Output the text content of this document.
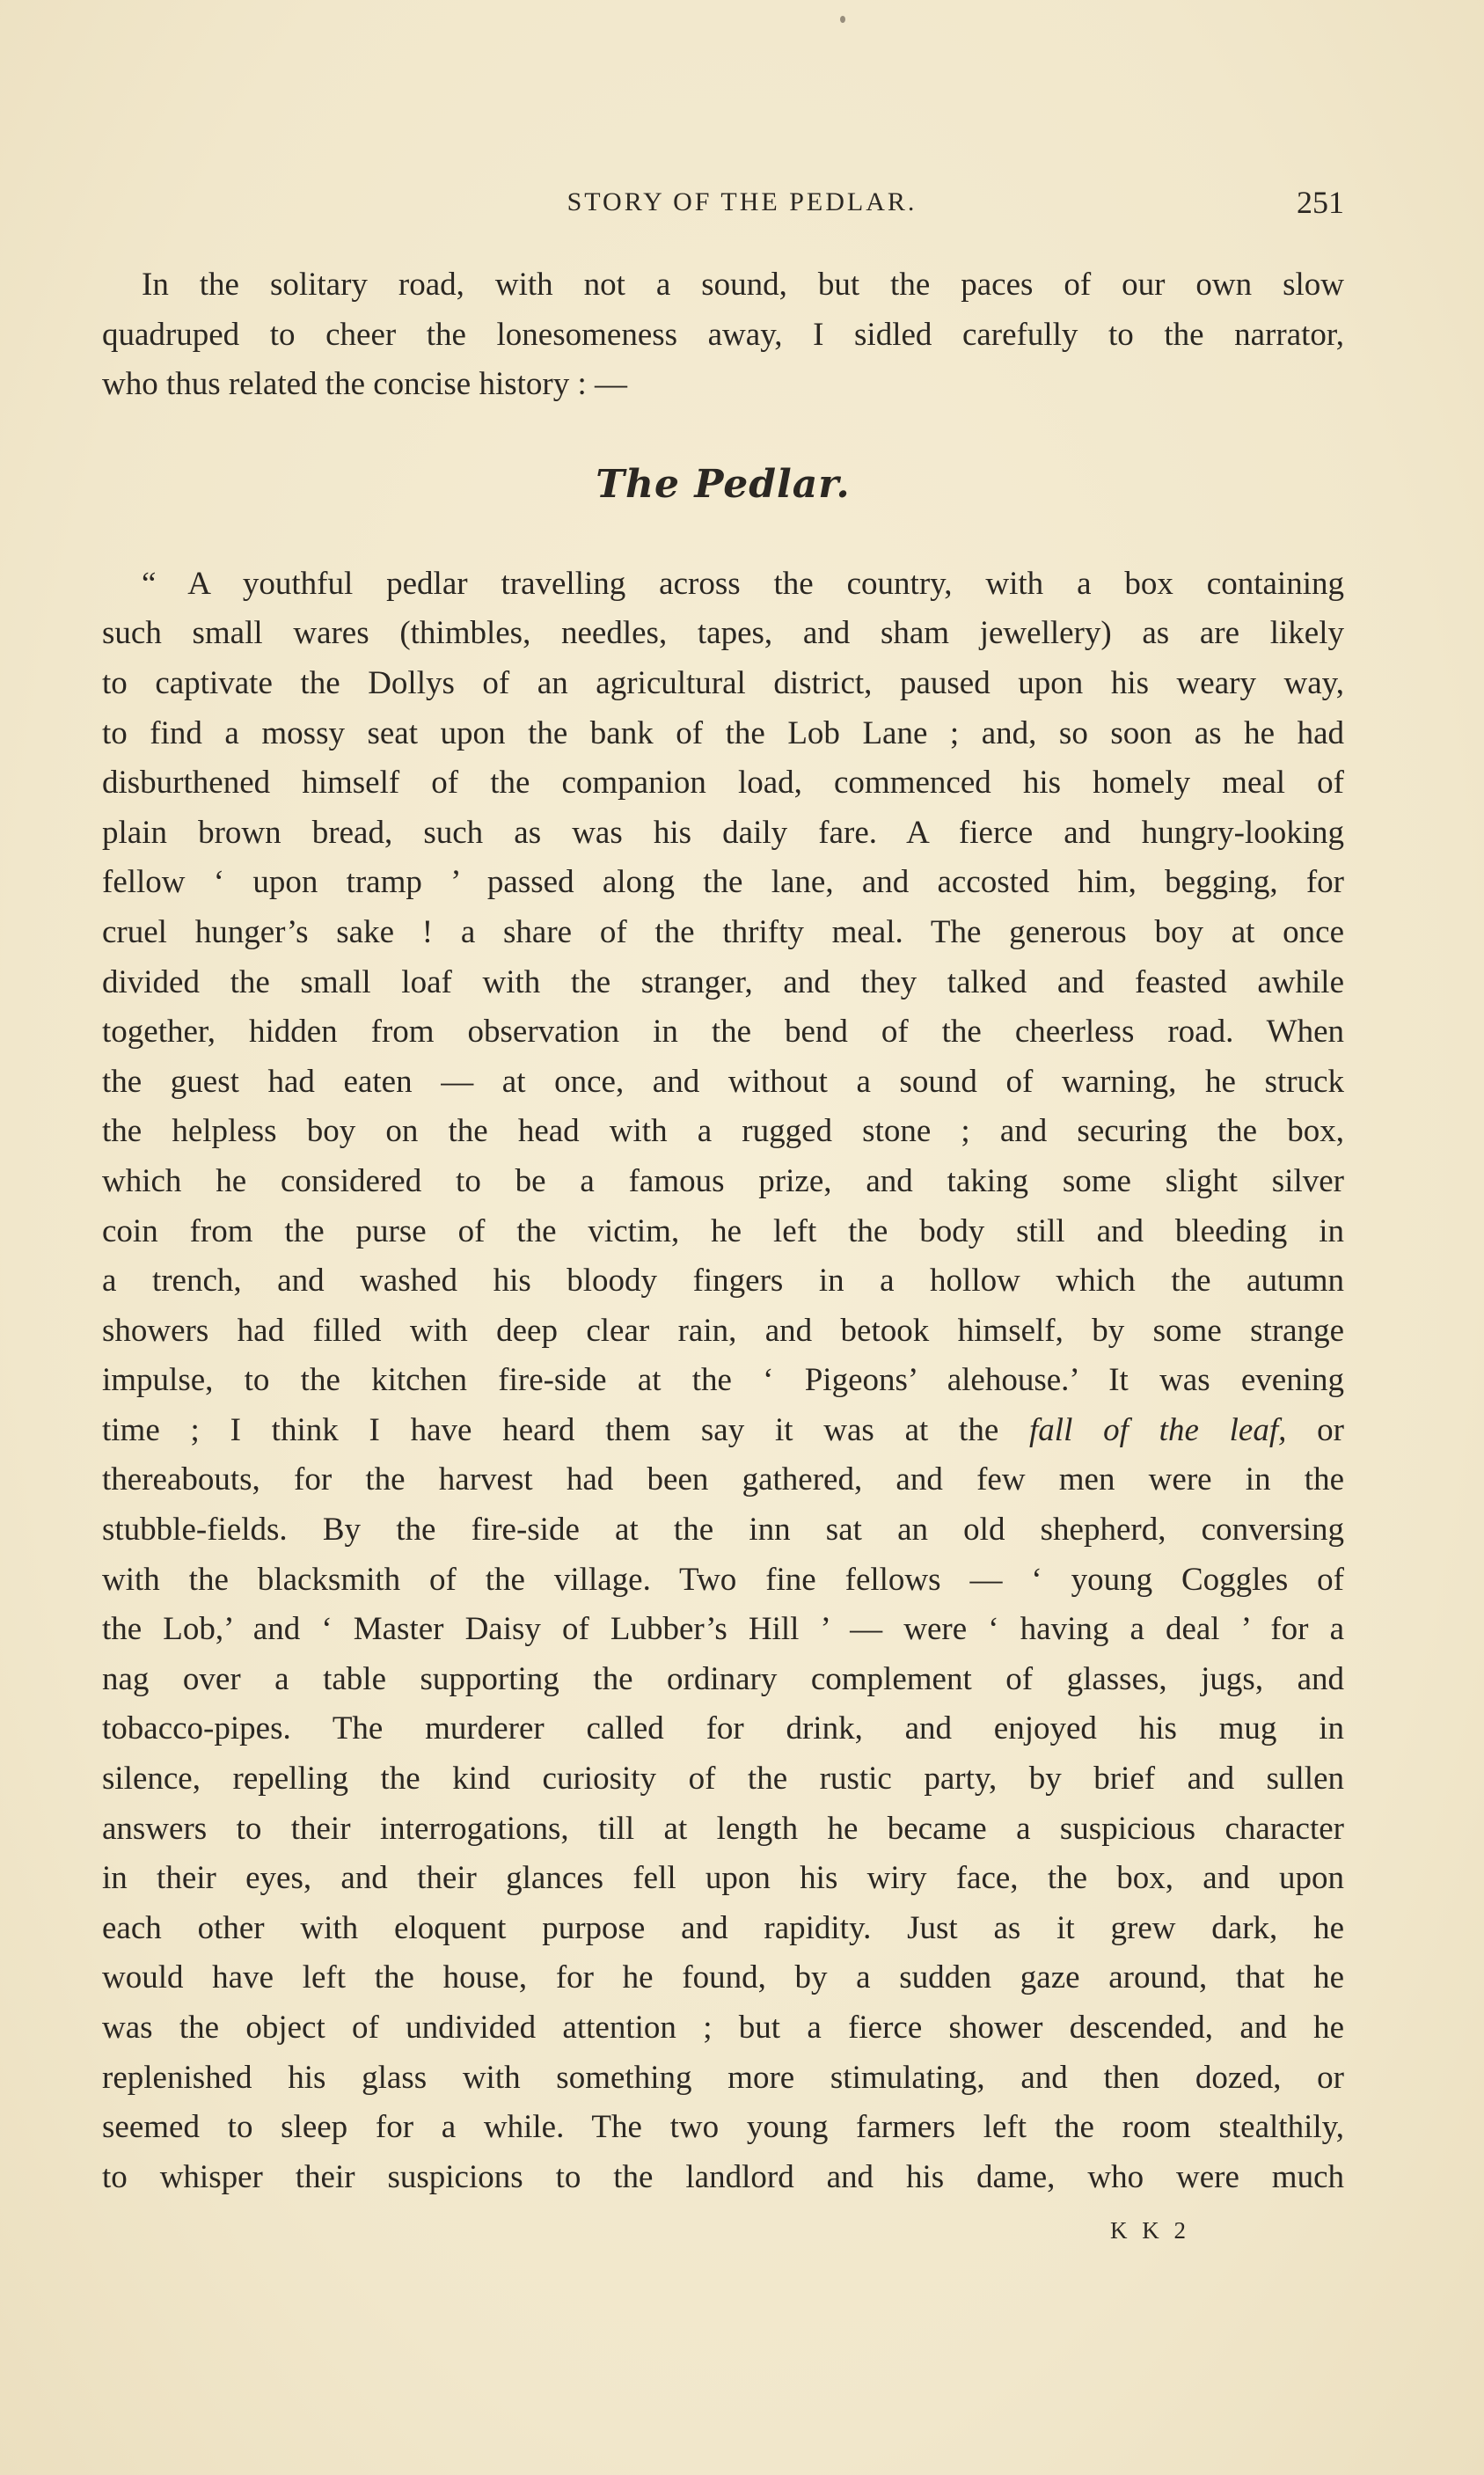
STORY OF THE PEDLAR.	251

In the solitary road, with not a sound, but the paces of our own slow
quadruped to cheer the lonesomeness away, I sidled carefully to the narrator,
who thus related the concise history : —

The Pedlar.

“ A youthful pedlar travelling across the country, with a box containing
such small wares (thimbles, needles, tapes, and sham jewellery) as are likely
to captivate the Dollys of an agricultural district, paused upon his weary way,
to find a mossy seat upon the bank of the Lob Lane ; and, so soon as he had
disburthened himself of the companion load, commenced his homely meal of
plain brown bread, such as was his daily fare. A fierce and hungry-looking
fellow ‘ upon tramp ’ passed along the lane, and accosted him, begging, for
cruel hunger’s sake ! a share of the thrifty meal. The generous boy at once
divided the small loaf with the stranger, and they talked and feasted awhile
together, hidden from observation in the bend of the cheerless road. When
the guest had eaten — at once, and without a sound of warning, he struck
the helpless boy on the head with a rugged stone ; and securing the box,
which he considered to be a famous prize, and taking some slight silver
coin from the purse of the victim, he left the body still and bleeding in
a trench, and washed his bloody fingers in a hollow which the autumn
showers had filled with deep clear rain, and betook himself, by some strange
impulse, to the kitchen fire-side at the ‘ Pigeons’ alehouse.’ It was evening
time ; I think I have heard them say it was at the fall of the leaf, or
thereabouts, for the harvest had been gathered, and few men were in the
stubble-fields. By the fire-side at the inn sat an old shepherd, conversing
with the blacksmith of the village. Two fine fellows — ‘ young Coggles of
the Lob,’ and ‘ Master Daisy of Lubber’s Hill ’ — were ‘ having a deal ’ for a
nag over a table supporting the ordinary complement of glasses, jugs, and
tobacco-pipes. The murderer called for drink, and enjoyed his mug in
silence, repelling the kind curiosity of the rustic party, by brief and sullen
answers to their interrogations, till at length he became a suspicious character
in their eyes, and their glances fell upon his wiry face, the box, and upon
each other with eloquent purpose and rapidity. Just as it grew dark, he
would have left the house, for he found, by a sudden gaze around, that he
was the object of undivided attention ; but a fierce shower descended, and he
replenished his glass with something more stimulating, and then dozed, or
seemed to sleep for a while. The two young farmers left the room stealthily,
to whisper their suspicions to the landlord and his dame, who were much

K K 2
